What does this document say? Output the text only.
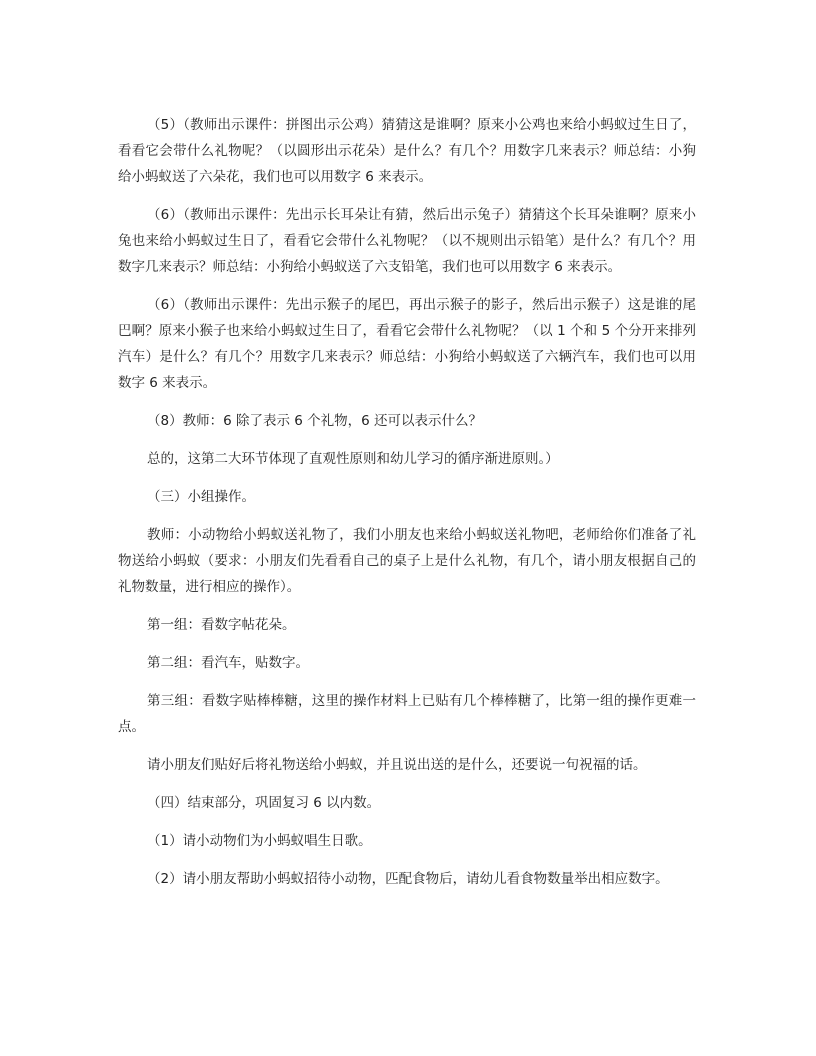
（5）（教师出示课件：拼图出示公鸡）猜猜这是谁啊？原来小公鸡也来给小蚂蚁过生日了，看看它会带什么礼物呢？（以圆形出示花朵）是什么？有几个？用数字几来表示？师总结：小狗给小蚂蚁送了六朵花，我们也可以用数字 6 来表示。

（6）（教师出示课件：先出示长耳朵让有猜，然后出示兔子）猜猜这个长耳朵谁啊？原来小兔也来给小蚂蚁过生日了，看看它会带什么礼物呢？（以不规则出示铅笔）是什么？有几个？用数字几来表示？师总结：小狗给小蚂蚁送了六支铅笔，我们也可以用数字 6 来表示。

（6）（教师出示课件：先出示猴子的尾巴，再出示猴子的影子，然后出示猴子）这是谁的尾巴啊？原来小猴子也来给小蚂蚁过生日了，看看它会带什么礼物呢？（以 1 个和 5 个分开来排列汽车）是什么？有几个？用数字几来表示？师总结：小狗给小蚂蚁送了六辆汽车，我们也可以用数字 6 来表示。

（8）教师：6 除了表示 6 个礼物，6 还可以表示什么？

总的，这第二大环节体现了直观性原则和幼儿学习的循序渐进原则。）

（三）小组操作。

教师：小动物给小蚂蚁送礼物了，我们小朋友也来给小蚂蚁送礼物吧，老师给你们准备了礼物送给小蚂蚁（要求：小朋友们先看看自己的桌子上是什么礼物，有几个，请小朋友根据自己的礼物数量，进行相应的操作）。

第一组：看数字帖花朵。

第二组：看汽车，贴数字。

第三组：看数字贴棒棒糖，这里的操作材料上已贴有几个棒棒糖了，比第一组的操作更难一点。

请小朋友们贴好后将礼物送给小蚂蚁，并且说出送的是什么，还要说一句祝福的话。

（四）结束部分，巩固复习 6 以内数。

（1）请小动物们为小蚂蚁唱生日歌。

（2）请小朋友帮助小蚂蚁招待小动物，匹配食物后，请幼儿看食物数量举出相应数字。
